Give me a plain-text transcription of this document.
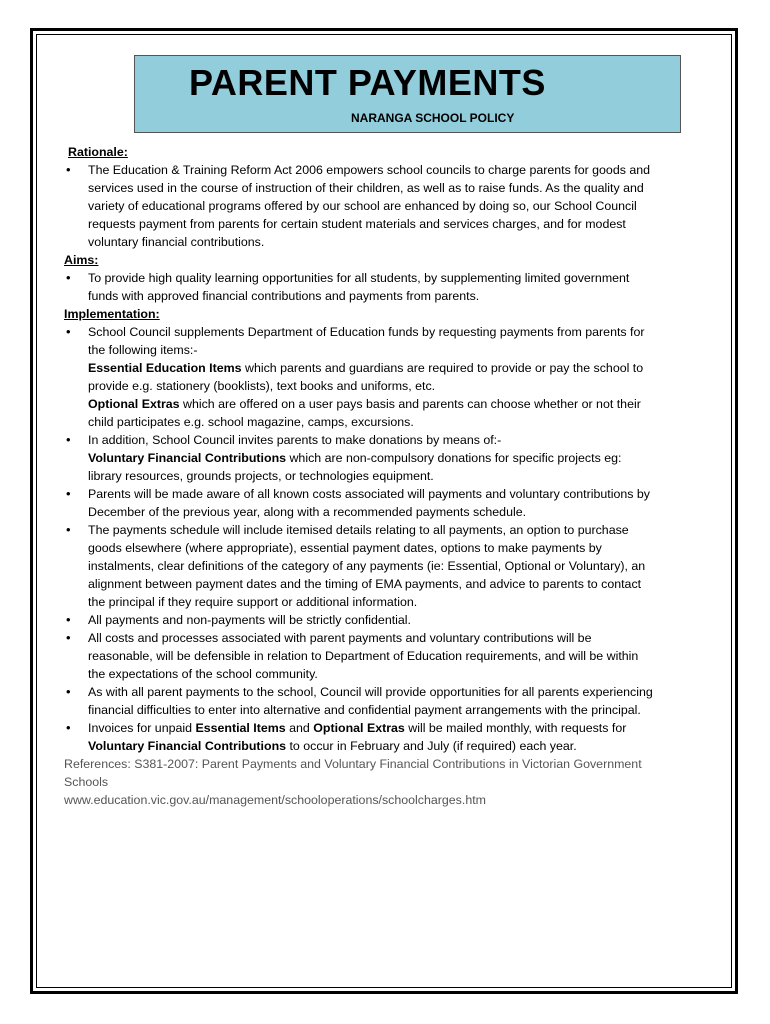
PARENT PAYMENTS
NARANGA SCHOOL POLICY
Rationale:
• The Education & Training Reform Act 2006 empowers school councils to charge parents for goods and services used in the course of instruction of their children, as well as to raise funds. As the quality and variety of educational programs offered by our school are enhanced by doing so, our School Council requests payment from parents for certain student materials and services charges, and for modest voluntary financial contributions.
Aims:
• To provide high quality learning opportunities for all students, by supplementing limited government funds with approved financial contributions and payments from parents.
Implementation:
• School Council supplements Department of Education funds by requesting payments from parents for the following items:-
Essential Education Items which parents and guardians are required to provide or pay the school to provide e.g. stationery (booklists), text books and uniforms, etc.
Optional Extras which are offered on a user pays basis and parents can choose whether or not their child participates e.g. school magazine, camps, excursions.
• In addition, School Council invites parents to make donations by means of:-
Voluntary Financial Contributions which are non-compulsory donations for specific projects eg: library resources, grounds projects, or technologies equipment.
• Parents will be made aware of all known costs associated will payments and voluntary contributions by December of the previous year, along with a recommended payments schedule.
• The payments schedule will include itemised details relating to all payments, an option to purchase goods elsewhere (where appropriate), essential payment dates, options to make payments by instalments, clear definitions of the category of any payments (ie: Essential, Optional or Voluntary), an alignment between payment dates and the timing of EMA payments, and advice to parents to contact the principal if they require support or additional information.
• All payments and non-payments will be strictly confidential.
• All costs and processes associated with parent payments and voluntary contributions will be reasonable, will be defensible in relation to Department of Education requirements, and will be within the expectations of the school community.
• As with all parent payments to the school, Council will provide opportunities for all parents experiencing financial difficulties to enter into alternative and confidential payment arrangements with the principal.
• Invoices for unpaid Essential Items and Optional Extras will be mailed monthly, with requests for Voluntary Financial Contributions to occur in February and July (if required) each year.
References: S381-2007: Parent Payments and Voluntary Financial Contributions in Victorian Government Schools
www.education.vic.gov.au/management/schooloperations/schoolcharges.htm
